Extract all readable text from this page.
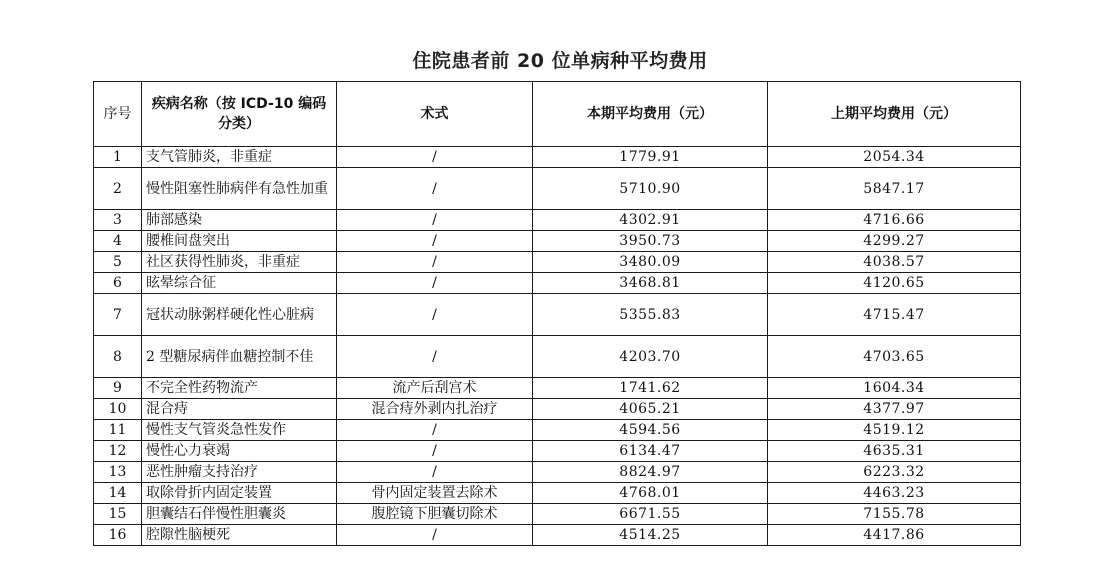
住院患者前 20 位单病种平均费用
序号	疾病名称（按 ICD-10 编码分类）	术式	本期平均费用（元）	上期平均费用（元）
1	支气管肺炎，非重症	/	1779.91	2054.34
2	慢性阻塞性肺病伴有急性加重	/	5710.90	5847.17
3	肺部感染	/	4302.91	4716.66
4	腰椎间盘突出	/	3950.73	4299.27
5	社区获得性肺炎，非重症	/	3480.09	4038.57
6	眩晕综合征	/	3468.81	4120.65
7	冠状动脉粥样硬化性心脏病	/	5355.83	4715.47
8	2 型糖尿病伴血糖控制不佳	/	4203.70	4703.65
9	不完全性药物流产	流产后刮宫术	1741.62	1604.34
10	混合痔	混合痔外剥内扎治疗	4065.21	4377.97
11	慢性支气管炎急性发作	/	4594.56	4519.12
12	慢性心力衰竭	/	6134.47	4635.31
13	恶性肿瘤支持治疗	/	8824.97	6223.32
14	取除骨折内固定装置	骨内固定装置去除术	4768.01	4463.23
15	胆囊结石伴慢性胆囊炎	腹腔镜下胆囊切除术	6671.55	7155.78
16	腔隙性脑梗死	/	4514.25	4417.86
